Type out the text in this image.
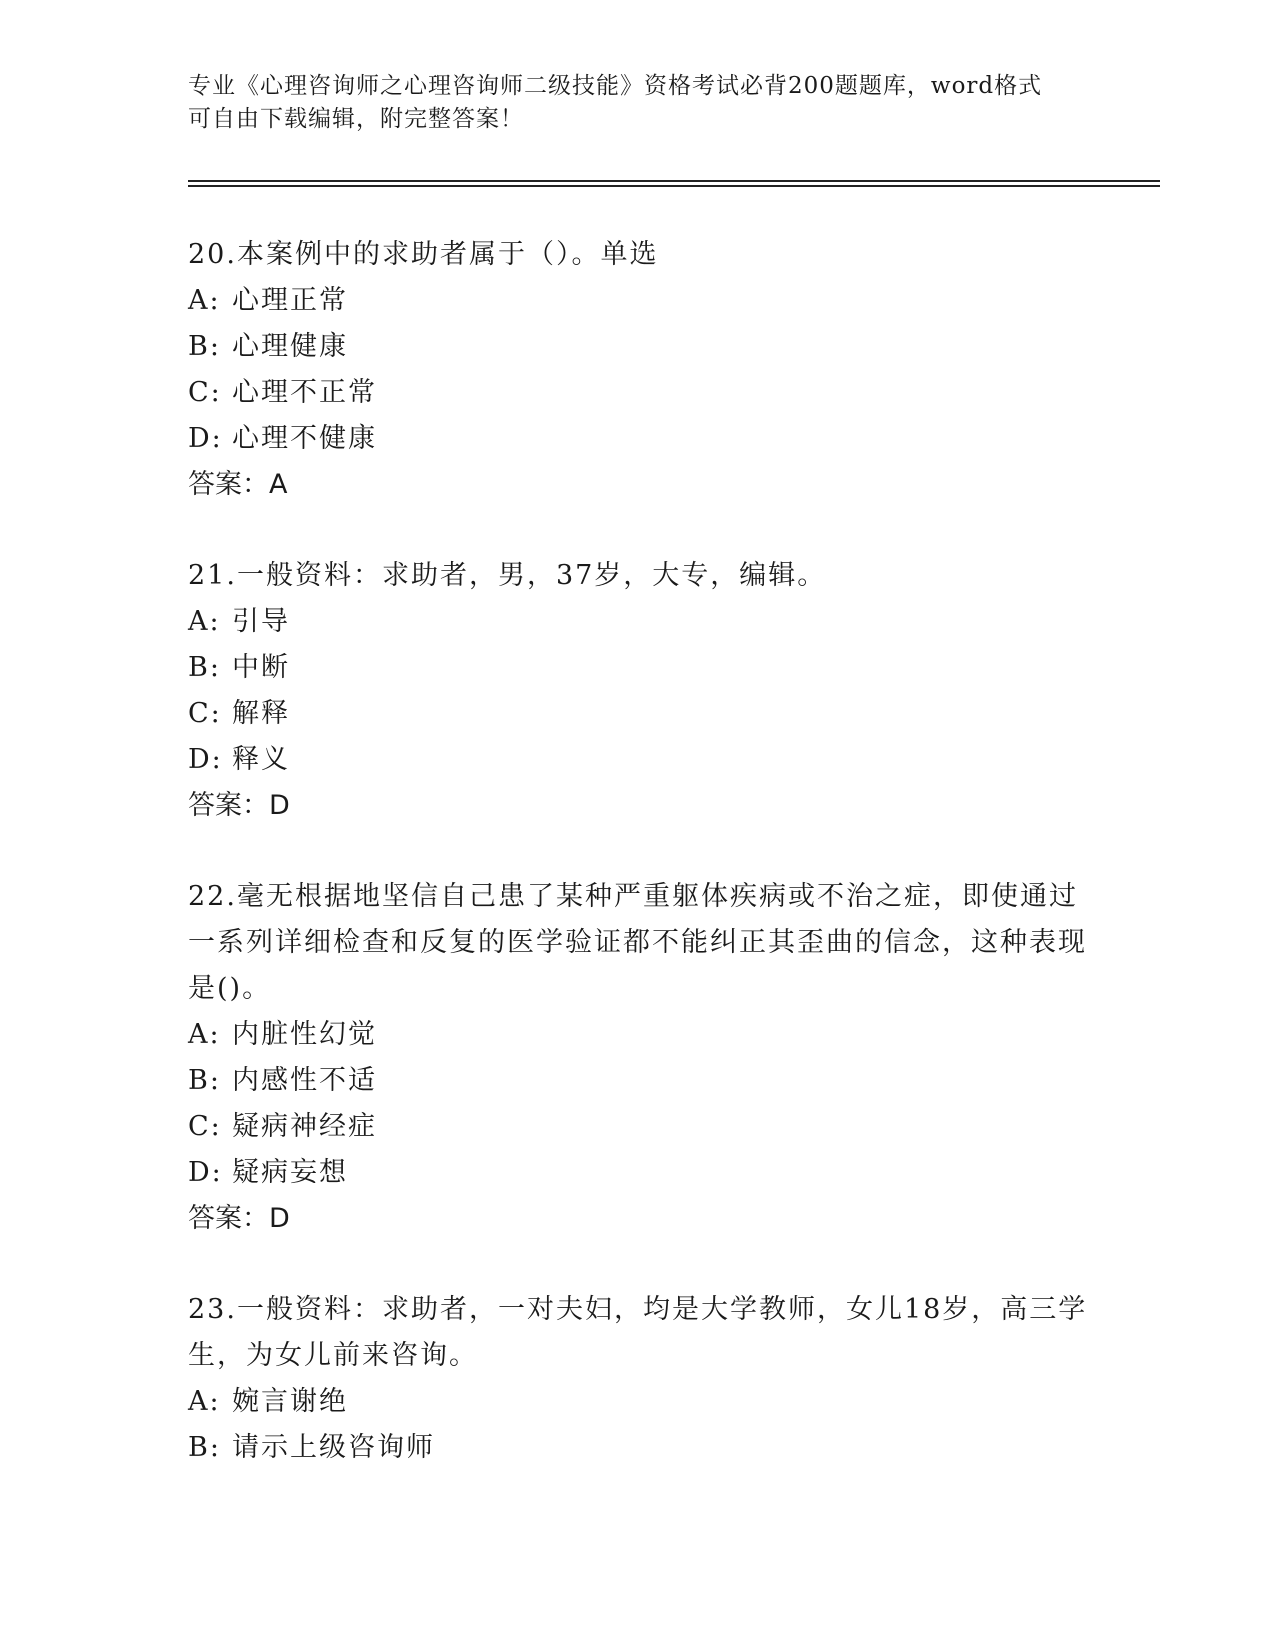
专业《心理咨询师之心理咨询师二级技能》资格考试必背200题题库，word格式
可自由下载编辑，附完整答案！

20.本案例中的求助者属于（）。单选

A: 心理正常

B: 心理健康

C: 心理不正常

D: 心理不健康

答案：A

21.一般资料：求助者，男，37岁，大专，编辑。

A: 引导

B: 中断

C: 解释

D: 释义

答案：D

22.毫无根据地坚信自己患了某种严重躯体疾病或不治之症，即使通过一系列详细检查和反复的医学验证都不能纠正其歪曲的信念，这种表现是()。

A: 内脏性幻觉

B: 内感性不适

C: 疑病神经症

D: 疑病妄想

答案：D

23.一般资料：求助者，一对夫妇，均是大学教师，女儿18岁，高三学生，为女儿前来咨询。

A: 婉言谢绝

B: 请示上级咨询师
